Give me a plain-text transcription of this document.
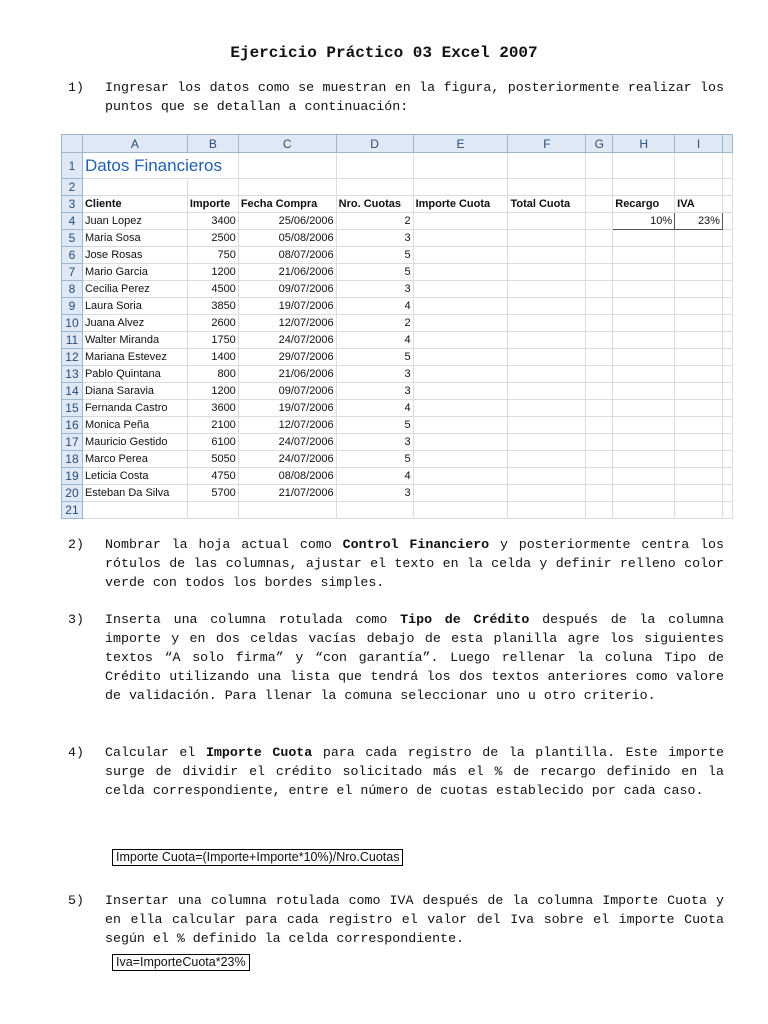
Ejercicio Práctico 03 Excel 2007
1) Ingresar los datos como se muestran en la figura, posteriormente realizar los puntos que se detallan a continuación:
	A	B	C	D	E	F	G	H	I	
1	Datos Financieros									
2										
3	Cliente	Importe	Fecha Compra	Nro. Cuotas	Importe Cuota	Total Cuota		Recargo	IVA	
4	Juan Lopez	3400	25/06/2006	2				10%	23%	
5	Maria Sosa	2500	05/08/2006	3						
6	Jose Rosas	750	08/07/2006	5						
7	Mario Garcia	1200	21/06/2006	5						
8	Cecilia Perez	4500	09/07/2006	3						
9	Laura Soria	3850	19/07/2006	4						
10	Juana Alvez	2600	12/07/2006	2						
11	Walter Miranda	1750	24/07/2006	4						
12	Mariana Estevez	1400	29/07/2006	5						
13	Pablo Quintana	800	21/06/2006	3						
14	Diana Saravia	1200	09/07/2006	3						
15	Fernanda Castro	3600	19/07/2006	4						
16	Monica Peña	2100	12/07/2006	5						
17	Mauricio Gestido	6100	24/07/2006	3						
18	Marco Perea	5050	24/07/2006	5						
19	Leticia Costa	4750	08/08/2006	4						
20	Esteban Da Silva	5700	21/07/2006	3						
21										
2) Nombrar la hoja actual como Control Financiero y posteriormente centra los rótulos de las columnas, ajustar el texto en la celda y definir relleno color verde con todos los bordes simples.
3) Inserta una columna rotulada como Tipo de Crédito después de la columna importe y en dos celdas vacías debajo de esta planilla agre los siguientes textos “A solo firma” y “con garantía”. Luego rellenar la coluna Tipo de Crédito utilizando una lista que tendrá los dos textos anteriores como valore de validación. Para llenar la comuna seleccionar uno u otro criterio.
4) Calcular el Importe Cuota para cada registro de la plantilla. Este importe surge de dividir el crédito solicitado más el % de recargo definido en la celda correspondiente, entre el número de cuotas establecido por cada caso.
Importe Cuota=(Importe+Importe*10%)/Nro.Cuotas
5) Insertar una columna rotulada como IVA después de la columna Importe Cuota y en ella calcular para cada registro el valor del Iva sobre el importe Cuota según el % definido la celda correspondiente.
Iva=ImporteCuota*23%
